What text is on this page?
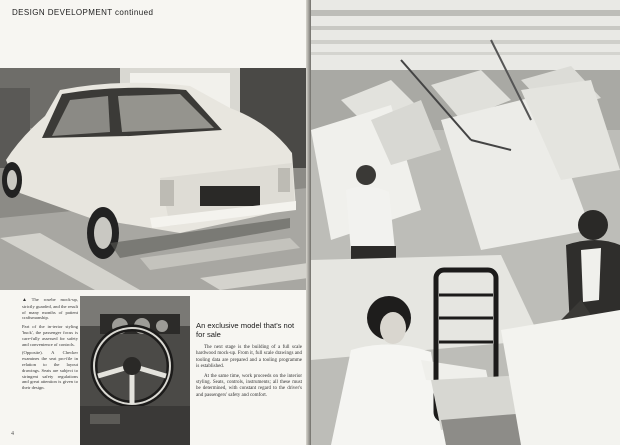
DESIGN DEVELOPMENT continued

▲The rosebe mock-up, strictly guarded, and the result of many months of patient craftsmanship.

Part of the in-terior styling 'buck', the passenger focus is care-fully assessed for safety and convenience of controls.

(Opposite). A Checker examines the seat pro-file in relation to the layout drawings. Seats are subject to stringent safety regulations and great attention is given to their design.

An exclusive model that's not for sale

The next stage is the building of a full scale hardwood mock-up. From it, full scale drawings and tooling data are prepared and a tooling programme is established.

At the same time, work proceeds on the interior styling. Seats, controls, instruments; all these must be determined, with constant regard to the driver's and passengers' safety and comfort.

4
